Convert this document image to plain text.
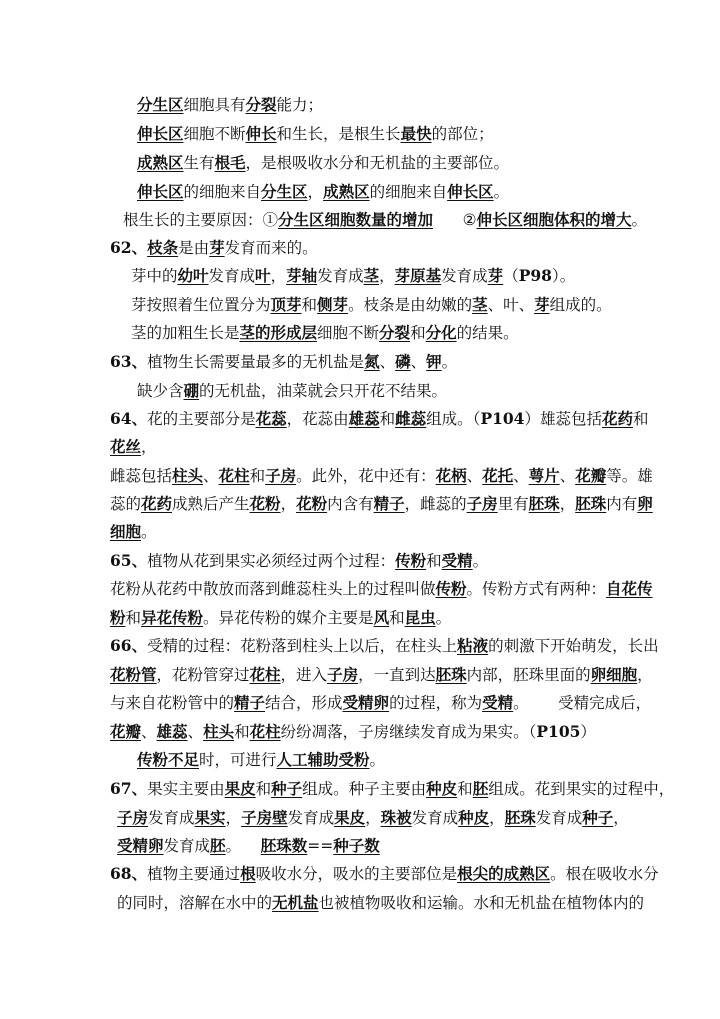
分生区细胞具有分裂能力；
伸长区细胞不断伸长和生长，是根生长最快的部位；
成熟区生有根毛，是根吸收水分和无机盐的主要部位。
伸长区的细胞来自分生区，成熟区的细胞来自伸长区。
根生长的主要原因：①分生区细胞数量的增加      ②伸长区细胞体积的增大。
62、枝条是由芽发育而来的。
芽中的幼叶发育成叶，芽轴发育成茎，芽原基发育成芽（P98）。
芽按照着生位置分为顶芽和侧芽。枝条是由幼嫩的茎、叶、芽组成的。
茎的加粗生长是茎的形成层细胞不断分裂和分化的结果。
63、植物生长需要量最多的无机盐是氮、磷、钾。
缺少含硼的无机盐，油菜就会只开花不结果。
64、花的主要部分是花蕊，花蕊由雄蕊和雌蕊组成。（P104）雄蕊包括花药和
花丝，
雌蕊包括柱头、花柱和子房。此外，花中还有：花柄、花托、萼片、花瓣等。雄
蕊的花药成熟后产生花粉，花粉内含有精子，雌蕊的子房里有胚珠，胚珠内有卵
细胞。
65、植物从花到果实必须经过两个过程：传粉和受精。
花粉从花药中散放而落到雌蕊柱头上的过程叫做传粉。传粉方式有两种：自花传
粉和异花传粉。异花传粉的媒介主要是风和昆虫。
66、受精的过程：花粉落到柱头上以后，在柱头上粘液的刺激下开始萌发，长出
花粉管，花粉管穿过花柱，进入子房，一直到达胚珠内部，胚珠里面的卵细胞，
与来自花粉管中的精子结合，形成受精卵的过程，称为受精。      受精完成后，
花瓣、雄蕊、柱头和花柱纷纷凋落，子房继续发育成为果实。（P105）
传粉不足时，可进行人工辅助受粉。
67、果实主要由果皮和种子组成。种子主要由种皮和胚组成。花到果实的过程中，
子房发育成果实，子房壁发育成果皮，珠被发育成种皮，胚珠发育成种子，
受精卵发育成胚。    胚珠数==种子数
68、植物主要通过根吸收水分，吸水的主要部位是根尖的成熟区。根在吸收水分
的同时，溶解在水中的无机盐也被植物吸收和运输。水和无机盐在植物体内的
